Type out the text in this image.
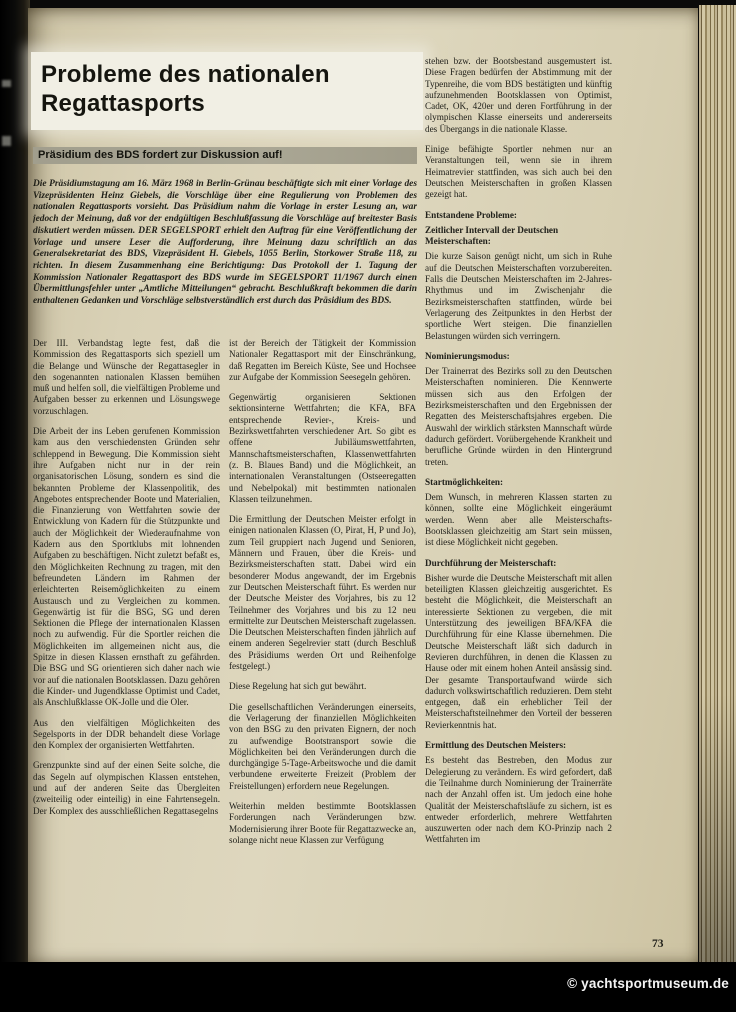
Probleme des nationalen
Regattasports
Präsidium des BDS fordert zur Diskussion auf!
Die Präsidiumstagung am 16. März 1968 in Berlin-Grünau beschäftigte sich mit einer Vorlage des Vizepräsidenten Heinz Giebels, die Vorschläge über eine Regulierung von Problemen des nationalen Regattasports vorsieht. Das Präsidium nahm die Vorlage in erster Lesung an, war jedoch der Meinung, daß vor der endgültigen Beschlußfassung die Vorschläge auf breitester Basis diskutiert werden müssen. DER SEGELSPORT erhielt den Auftrag für eine Veröffentlichung der Vorlage und unsere Leser die Aufforderung, ihre Meinung dazu schriftlich an das Generalsekretariat des BDS, Vizepräsident H. Giebels, 1055 Berlin, Storkower Straße 118, zu richten. In diesem Zusammenhang eine Berichtigung: Das Protokoll der 1. Tagung der Kommission Nationaler Regattasport des BDS wurde im SEGELSPORT 11/1967 durch einen Übermittlungsfehler unter „Amtliche Mitteilungen“ gebracht. Beschlußkraft bekommen die darin enthaltenen Gedanken und Vorschläge selbstverständlich erst durch das Präsidium des BDS.

Der III. Verbandstag legte fest, daß die Kommission des Regattasports sich speziell um die Belange und Wünsche der Regattasegler in den sogenannten nationalen Klassen bemühen muß und helfen soll, die vielfältigen Probleme und Aufgaben besser zu erkennen und Lösungswege vorzuschlagen.

Die Arbeit der ins Leben gerufenen Kommission kam aus den verschiedensten Gründen sehr schleppend in Bewegung. Die Kommission sieht ihre Aufgaben nicht nur in der rein organisatorischen Lösung, sondern es sind die bekannten Probleme der Klassenpolitik, des Angebotes entsprechender Boote und Materialien, die Finanzierung von Wettfahrten sowie der Entwicklung von Kadern für die Stützpunkte und auch der Möglichkeit der Wiederaufnahme von Kadern aus den Sportklubs mit lohnenden Aufgaben zu beschäftigen. Nicht zuletzt befaßt es, den Möglichkeiten Rechnung zu tragen, mit den befreundeten Ländern im Rahmen der erleichterten Reisemöglichkeiten zu einem Austausch und zu Vergleichen zu kommen. Gegenwärtig ist für die BSG, SG und deren Sektionen die Pflege der internationalen Klassen noch zu aufwendig. Für die Sportler reichen die Möglichkeiten im allgemeinen nicht aus, die Spitze in diesen Klassen ernsthaft zu gefährden. Die BSG und SG orientieren sich daher nach wie vor auf die nationalen Bootsklassen. Dazu gehören die Kinder- und Jugendklasse Optimist und Cadet, als Anschlußklasse OK-Jolle und die Oler.

Aus den vielfältigen Möglichkeiten des Segelsports in der DDR behandelt diese Vorlage den Komplex der organisierten Wettfahrten.

Grenzpunkte sind auf der einen Seite solche, die das Segeln auf olympischen Klassen entstehen, und auf der anderen Seite das Übergleiten (zweiteilig oder einteilig) in eine Fahrtensegeln. Der Komplex des ausschließlichen Regattasegelns

ist der Bereich der Tätigkeit der Kommission Nationaler Regattasport mit der Einschränkung, daß Regatten im Bereich Küste, See und Hochsee zur Aufgabe der Kommission Seesegeln gehören.

Gegenwärtig organisieren Sektionen sektionsinterne Wettfahrten; die KFA, BFA entsprechende Revier-, Kreis- und Bezirkswettfahrten verschiedener Art. So gibt es offene Jubiläumswettfahrten, Mannschaftsmeisterschaften, Klassenwettfahrten (z. B. Blaues Band) und die Möglichkeit, an internationalen Veranstaltungen (Ostseeregatten und Nebelpokal) mit bestimmten nationalen Klassen teilzunehmen.

Die Ermittlung der Deutschen Meister erfolgt in einigen nationalen Klassen (O, Pirat, H, P und Jo), zum Teil gruppiert nach Jugend und Senioren, Männern und Frauen, über die Kreis- und Bezirksmeisterschaften statt. Dabei wird ein besonderer Modus angewandt, der im Ergebnis zur Deutschen Meisterschaft führt. Es werden nur der Deutsche Meister des Vorjahres, bis zu 12 Teilnehmer des Vorjahres und bis zu 12 neu ermittelte zur Deutschen Meisterschaft zugelassen. Die Deutschen Meisterschaften finden jährlich auf einem anderen Segelrevier statt (durch Beschluß des Präsidiums werden Ort und Reihenfolge festgelegt.)

Diese Regelung hat sich gut bewährt.

Die gesellschaftlichen Veränderungen einerseits, die Verlagerung der finanziellen Möglichkeiten von den BSG zu den privaten Eignern, der noch zu aufwendige Bootstransport sowie die Möglichkeiten bei den Veränderungen durch die durchgängige 5-Tage-Arbeitswoche und die damit verbundene erweiterte Freizeit (Problem der Freistellungen) erfordern neue Regelungen.

Weiterhin melden bestimmte Bootsklassen Forderungen nach Veränderungen bzw. Modernisierung ihrer Boote für Regattazwecke an, solange nicht neue Klassen zur Verfügung

stehen bzw. der Bootsbestand ausgemustert ist. Diese Fragen bedürfen der Abstimmung mit der Typenreihe, die vom BDS bestätigten und künftig aufzunehmenden Bootsklassen von Optimist, Cadet, OK, 420er und deren Fortführung in der olympischen Klasse einerseits und andererseits des Übergangs in die nationale Klasse.

Einige befähigte Sportler nehmen nur an Veranstaltungen teil, wenn sie in ihrem Heimatrevier stattfinden, was sich auch bei den Deutschen Meisterschaften in großen Klassen gezeigt hat.

Entstandene Probleme:

Zeitlicher Intervall der Deutschen Meisterschaften:

Die kurze Saison genügt nicht, um sich in Ruhe auf die Deutschen Meisterschaften vorzubereiten. Falls die Deutschen Meisterschaften im 2-Jahres-Rhythmus und im Zwischenjahr die Bezirksmeisterschaften stattfinden, würde bei Verlagerung des Zeitpunktes in den Herbst der sportliche Wert steigen. Die finanziellen Belastungen würden sich verringern.

Nominierungsmodus:

Der Trainerrat des Bezirks soll zu den Deutschen Meisterschaften nominieren. Die Kennwerte müssen sich aus den Erfolgen der Bezirksmeisterschaften und den Ergebnissen der Regatten des Meisterschaftsjahres ergeben. Die Auswahl der wirklich stärksten Mannschaft würde dadurch gefördert. Vorübergehende Krankheit und berufliche Gründe würden in den Hintergrund treten.

Startmöglichkeiten:

Dem Wunsch, in mehreren Klassen starten zu können, sollte eine Möglichkeit eingeräumt werden. Wenn aber alle Meisterschafts-Bootsklassen gleichzeitig am Start sein müssen, ist diese Möglichkeit nicht gegeben.

Durchführung der Meisterschaft:

Bisher wurde die Deutsche Meisterschaft mit allen beteiligten Klassen gleichzeitig ausgerichtet. Es besteht die Möglichkeit, die Meisterschaft an interessierte Sektionen zu vergeben, die mit Unterstützung des jeweiligen BFA/KFA die Durchführung für eine Klasse übernehmen. Die Deutsche Meisterschaft läßt sich dadurch in Revieren durchführen, in denen die Klassen zu Hause oder mit einem hohen Anteil ansässig sind. Der gesamte Transportaufwand würde sich dadurch volkswirtschaftlich reduzieren. Dem steht entgegen, daß ein erheblicher Teil der Meisterschaftsteilnehmer den Vorteil der besseren Revierkenntnis hat.

Ermittlung des Deutschen Meisters:

Es besteht das Bestreben, den Modus zur Delegierung zu verändern. Es wird gefordert, daß die Teilnahme durch Nominierung der Trainerräte nach der Anzahl offen ist. Um jedoch eine hohe Qualität der Meisterschaftsläufe zu sichern, ist es entweder erforderlich, mehrere Wettfahrten auszuwerten oder nach dem KO-Prinzip nach 2 Wettfahrten im

73
© yachtsportmuseum.de
